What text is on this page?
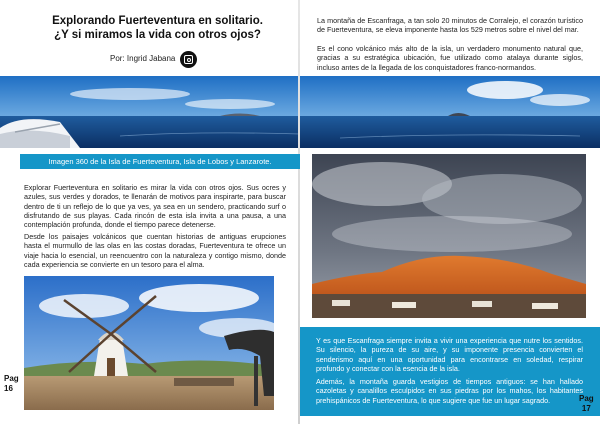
Explorando Fuerteventura en solitario.
¿Y si miramos la vida con otros ojos?
Por: Ingrid Jabana
Imagen 360 de la Isla de Fuerteventura, Isla de Lobos y Lanzarote.
Explorar Fuerteventura en solitario es mirar la vida con otros ojos. Sus ocres y azules, sus verdes y dorados, te llenarán de motivos para inspirarte, para buscar dentro de ti un reflejo de lo que ya ves, ya sea en un sendero, practicando surf o disfrutando de sus playas. Cada rincón de esta isla invita a una pausa, a una contemplación profunda, donde el tiempo parece detenerse.
Desde los paisajes volcánicos que cuentan historias de antiguas erupciones hasta el murmullo de las olas en las costas doradas, Fuerteventura te ofrece un viaje hacia lo esencial, un reencuentro con la naturaleza y contigo mismo, donde cada experiencia se convierte en un tesoro para el alma.
Pag
16
La montaña de Escanfraga, a tan solo 20 minutos de Corralejo, el corazón turístico de Fuerteventura, se eleva imponente hasta los 529 metros sobre el nivel del mar.
Es el cono volcánico más alto de la isla, un verdadero monumento natural que, gracias a su estratégica ubicación, fue utilizado como atalaya durante siglos, incluso antes de la llegada de los conquistadores franco-normandos.
Y es que Escanfraga siempre invita a vivir una experiencia que nutre los sentidos. Su silencio, la pureza de su aire, y su imponente presencia convierten el senderismo aquí en una oportunidad para encontrarse en soledad, respirar profundo y conectar con la esencia de la isla.
Además, la montaña guarda vestigios de tiempos antiguos: se han hallado cazoletas y canalillos esculpidos en sus piedras por los mahos, los habitantes prehispánicos de Fuerteventura, lo que sugiere que fue un lugar sagrado.	Pag
17
